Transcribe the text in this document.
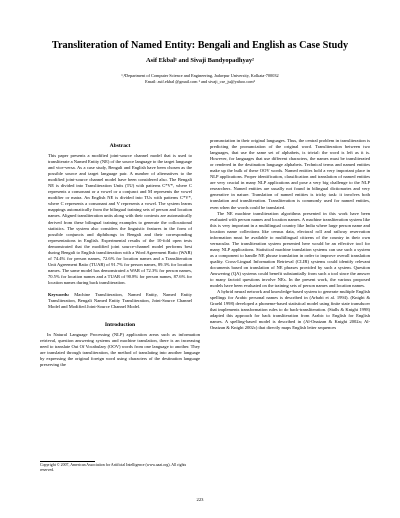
Transliteration of Named Entity: Bengali and English as Case Study
Asif Ekbal¹ and Sivaji Bandyopadhyay²
¹,²Department of Computer Science and Engineering, Jadavpur University, Kolkata-700032
Email: asif.ekbal @gmail.com ¹ and sivaji_cse_ju@yahoo.com²
Abstract

This paper presents a modified joint-source channel model that is used to transliterate a Named Entity (NE) of the source language to the target language and vice-versa. As a case study, Bengali and English have been chosen as the possible source and target language pair. A number of alternatives to the modified joint-source channel model have been considered also. The Bengali NE is divided into Transliteration Units (TU) with patterns C*V*, where C represents a consonant or a vowel or a conjunct and M represents the vowel modifier or matra. An English NE is divided into TUs with patterns C*V*, where C represents a consonant and V represents a vowel. The system learns mappings automatically from the bilingual training sets of person and location names. Aligned transliteration units along with their contexts are automatically derived from these bilingual training examples to generate the collocational statistics. The system also considers the linguistic features in the form of possible conjuncts and diphthongs in Bengali and their corresponding representations in English. Experimental results of the 10-fold open tests demonstrated that the modified joint source-channel model performs best during Bengali to English transliteration with a Word Agreement Ratio (WAR) of 74.4% for person names, 72.6% for location names and a Transliteration Unit Agreement Ratio (TUAR) of 91.7% for person names, 89.3% for location names. The same model has demonstrated a WAR of 72.3% for person names, 70.5% for location names and a TUAR of 90.8% for person names, 87.6% for location names during back transliteration.

Keywords: Machine Transliteration, Named Entity, Named Entity Transliteration, Bengali Named Entity Transliteration, Joint-Source Channel Model and Modified Joint-Source Channel Model.

Introduction

In Natural Language Processing (NLP) application areas such as information retrieval, question answering systems and machine translation, there is an increasing need to translate Out Of Vocabulary (OOV) words from one language to another. They are translated through transliteration, the method of translating into another language by expressing the original foreign word using characters of the destination language preserving the

Copyright © 2007, American Association for Artificial Intelligence (www.aaai.org). All rights reserved.

pronunciation in their original languages. Thus, the central problem in transliteration is predicting the pronunciation of the original word. Transliteration between two languages, that use the same set of alphabets, is trivial: the word is left as it is. However, for languages that use different characters, the names must be transliterated or rendered in the destination language alphabets. Technical terms and named entities make up the bulk of these OOV words. Named entities hold a very important place in NLP applications. Proper identification, classification and translation of named entities are very crucial in many NLP applications and pose a very big challenge to the NLP researchers. Named entities are usually not found in bilingual dictionaries and very generative in nature. Translation of named entities is tricky task: it involves both translation and transliteration. Transliteration is commonly used for named entities, even when the words could be translated.

The NE machine transliteration algorithms presented in this work have been evaluated with person names and location names. A machine transliteration system like this is very important in a multilingual country like India where large person name and location name collections like census data, electoral roll and railway reservation information must be available to multilingual citizens of the country in their own vernacular. The transliteration system presented here would be an effective tool for many NLP applications. Statistical machine translation systems can use such a system as a component to handle NE phrase translation in order to improve overall translation quality. Cross-Lingual Information Retrieval (CLIR) systems could identify relevant documents based on translation of NE phrases provided by such a system. Question Answering (QA) systems could benefit substantially from such a tool since the answer to many factoid questions involve NEs. In the present work, the various proposed models have been evaluated on the training sets of person names and location names.

A hybrid neural network and knowledge-based system to generate multiple English spellings for Arabic personal names is described in (Arbabi et al. 1994). (Knight & Graehl 1998) developed a phoneme-based statistical model using finite state transducer that implements transformation rules to do back-transliteration. (Stalls & Knight 1998) adapted this approach for back transliteration from Arabic to English for English names. A spelling-based model is described in (Al-Onaizan & Knight 2002a; Al-Onaizan & Knight 2002c) that directly maps English letter sequences

223
